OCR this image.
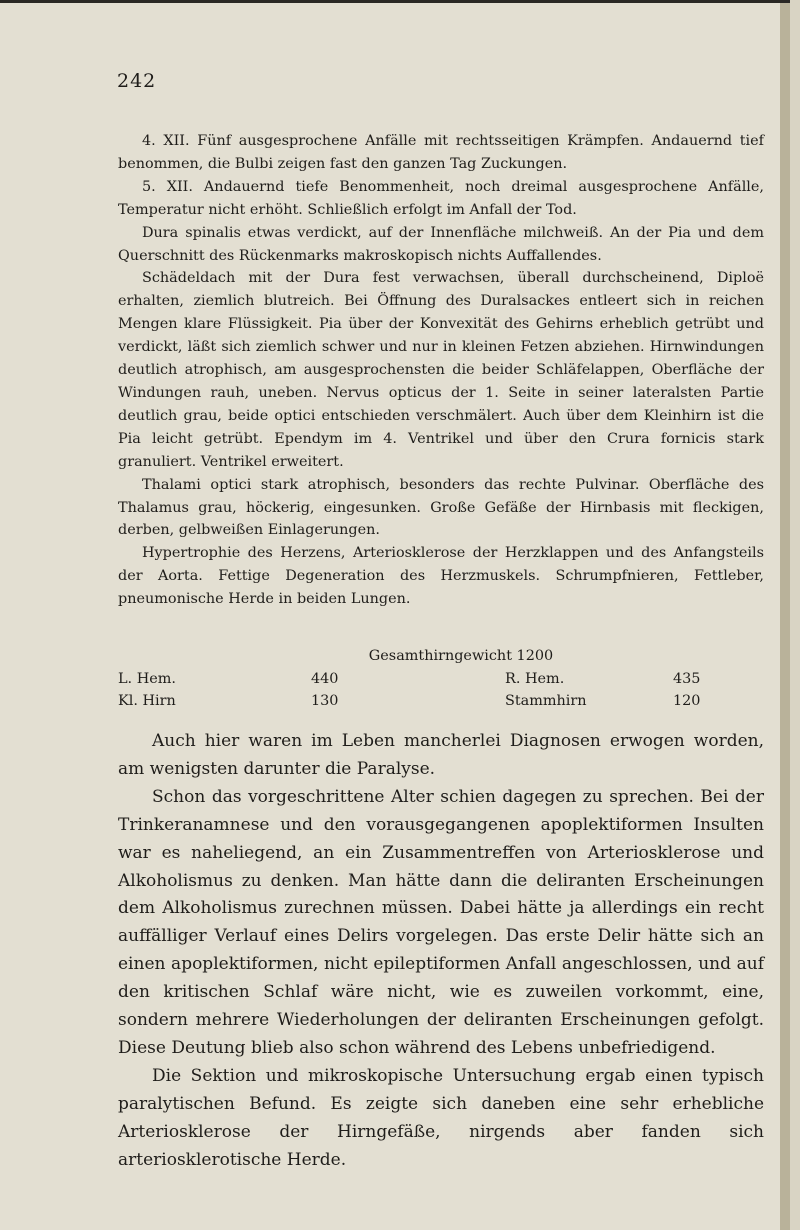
242

4. XII. Fünf ausgesprochene Anfälle mit rechtsseitigen Krämpfen. Andauernd tief benommen, die Bulbi zeigen fast den ganzen Tag Zuckungen.

5. XII. Andauernd tiefe Benommenheit, noch dreimal ausgesprochene Anfälle, Temperatur nicht erhöht. Schließlich erfolgt im Anfall der Tod.

Dura spinalis etwas verdickt, auf der Innenfläche milchweiß. An der Pia und dem Querschnitt des Rückenmarks makroskopisch nichts Auffallendes.

Schädeldach mit der Dura fest verwachsen, überall durchscheinend, Diploë erhalten, ziemlich blutreich. Bei Öffnung des Duralsackes entleert sich in reichen Mengen klare Flüssigkeit. Pia über der Konvexität des Gehirns erheblich getrübt und verdickt, läßt sich ziemlich schwer und nur in kleinen Fetzen abziehen. Hirnwindungen deutlich atrophisch, am ausgesprochensten die beider Schläfelappen, Oberfläche der Windungen rauh, uneben. Nervus opticus der 1. Seite in seiner lateralsten Partie deutlich grau, beide optici entschieden verschmälert. Auch über dem Kleinhirn ist die Pia leicht getrübt. Ependym im 4. Ventrikel und über den Crura fornicis stark granuliert. Ventrikel erweitert.

Thalami optici stark atrophisch, besonders das rechte Pulvinar. Oberfläche des Thalamus grau, höckerig, eingesunken. Große Gefäße der Hirnbasis mit fleckigen, derben, gelbweißen Einlagerungen.

Hypertrophie des Herzens, Arteriosklerose der Herzklappen und des Anfangsteils der Aorta. Fettige Degeneration des Herzmuskels. Schrumpfnieren, Fettleber, pneumonische Herde in beiden Lungen.

Gesamthirngewicht 1200
L. Hem.	440	R. Hem.	435
Kl. Hirn	130	Stammhirn	120

Auch hier waren im Leben mancherlei Diagnosen erwogen worden, am wenigsten darunter die Paralyse.

Schon das vorgeschrittene Alter schien dagegen zu sprechen. Bei der Trinkeranamnese und den vorausgegangenen apoplektiformen Insulten war es naheliegend, an ein Zusammentreffen von Arteriosklerose und Alkoholismus zu denken. Man hätte dann die deliranten Erscheinungen dem Alkoholismus zurechnen müssen. Dabei hätte ja allerdings ein recht auffälliger Verlauf eines Delirs vorgelegen. Das erste Delir hätte sich an einen apoplektiformen, nicht epileptiformen Anfall angeschlossen, und auf den kritischen Schlaf wäre nicht, wie es zuweilen vorkommt, eine, sondern mehrere Wiederholungen der deliranten Erscheinungen gefolgt. Diese Deutung blieb also schon während des Lebens unbefriedigend.

Die Sektion und mikroskopische Untersuchung ergab einen typisch paralytischen Befund. Es zeigte sich daneben eine sehr erhebliche Arteriosklerose der Hirngefäße, nirgends aber fanden sich arteriosklerotische Herde.
